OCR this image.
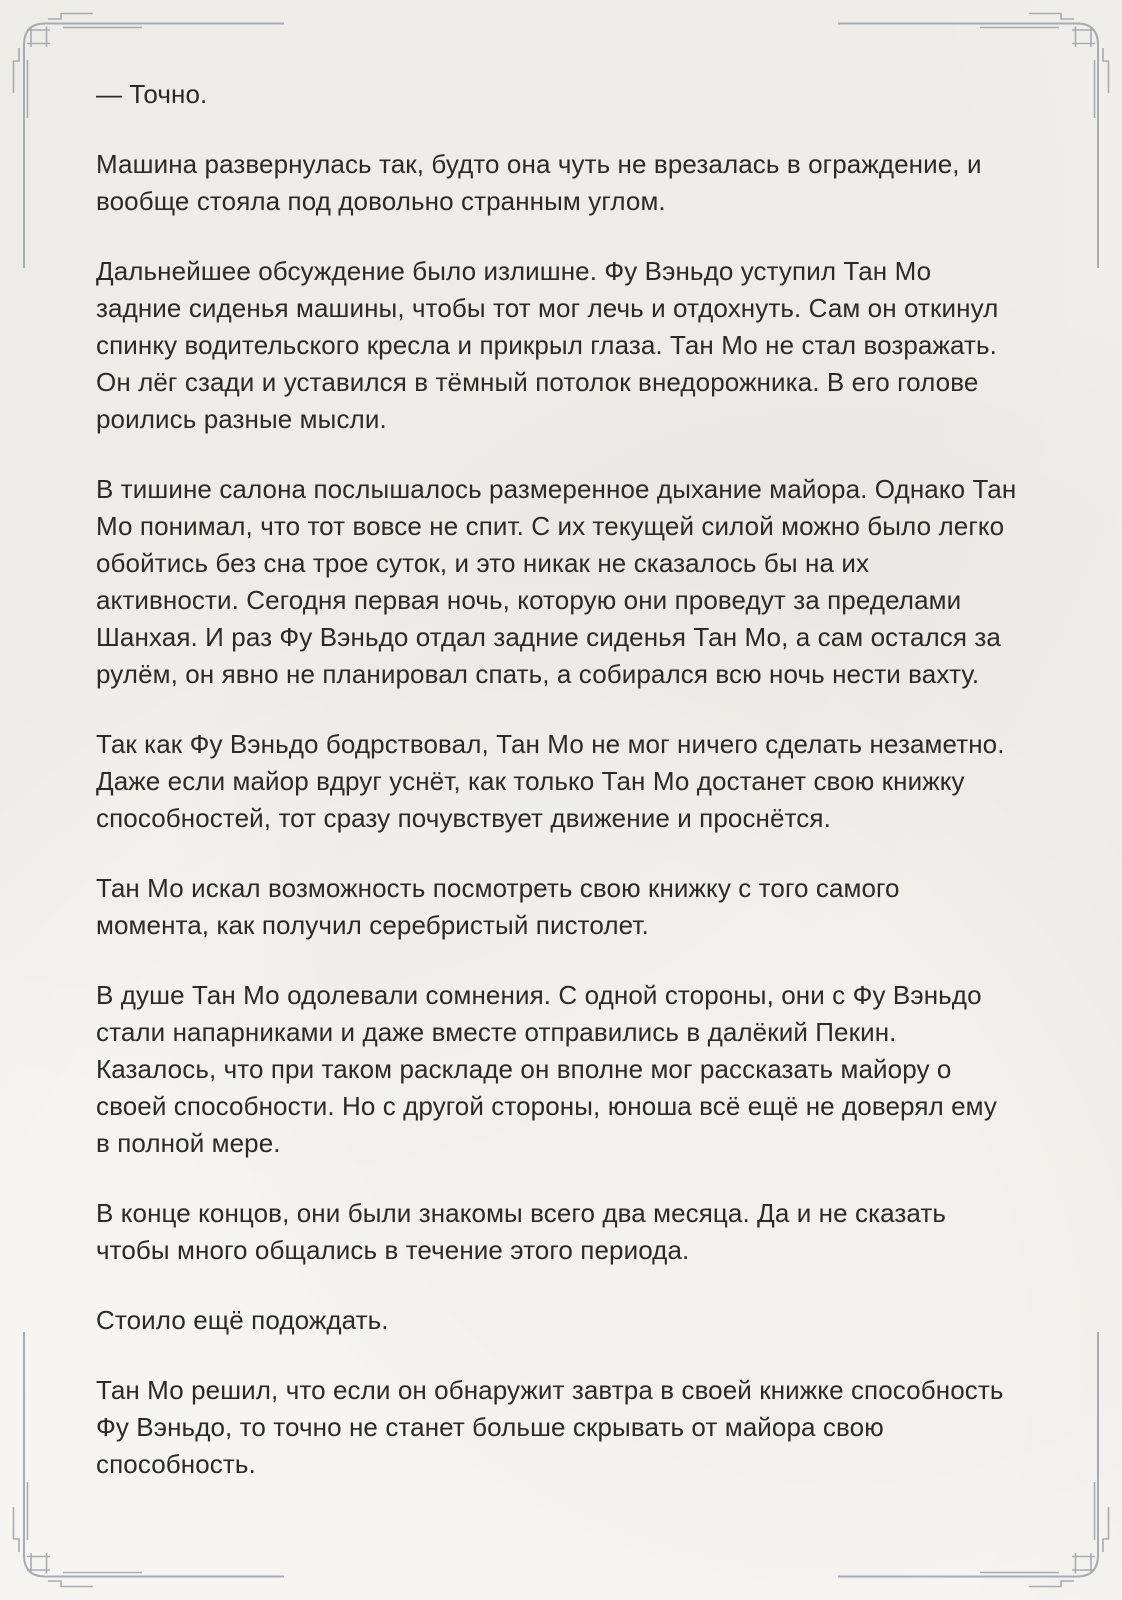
— Точно.

Машина развернулась так, будто она чуть не врезалась в ограждение, и вообще стояла под довольно странным углом.

Дальнейшее обсуждение было излишне. Фу Вэньдо уступил Тан Мо задние сиденья машины, чтобы тот мог лечь и отдохнуть. Сам он откинул спинку водительского кресла и прикрыл глаза. Тан Мо не стал возражать. Он лёг сзади и уставился в тёмный потолок внедорожника. В его голове роились разные мысли.

В тишине салона послышалось размеренное дыхание майора. Однако Тан Мо понимал, что тот вовсе не спит. С их текущей силой можно было легко обойтись без сна трое суток, и это никак не сказалось бы на их активности. Сегодня первая ночь, которую они проведут за пределами Шанхая. И раз Фу Вэньдо отдал задние сиденья Тан Мо, а сам остался за рулём, он явно не планировал спать, а собирался всю ночь нести вахту.

Так как Фу Вэньдо бодрствовал, Тан Мо не мог ничего сделать незаметно. Даже если майор вдруг уснёт, как только Тан Мо достанет свою книжку способностей, тот сразу почувствует движение и проснётся.

Тан Мо искал возможность посмотреть свою книжку с того самого момента, как получил серебристый пистолет.

В душе Тан Мо одолевали сомнения. С одной стороны, они с Фу Вэньдо стали напарниками и даже вместе отправились в далёкий Пекин. Казалось, что при таком раскладе он вполне мог рассказать майору о своей способности. Но с другой стороны, юноша всё ещё не доверял ему в полной мере.

В конце концов, они были знакомы всего два месяца. Да и не сказать чтобы много общались в течение этого периода.

Стоило ещё подождать.

Тан Мо решил, что если он обнаружит завтра в своей книжке способность Фу Вэньдо, то точно не станет больше скрывать от майора свою способность.
